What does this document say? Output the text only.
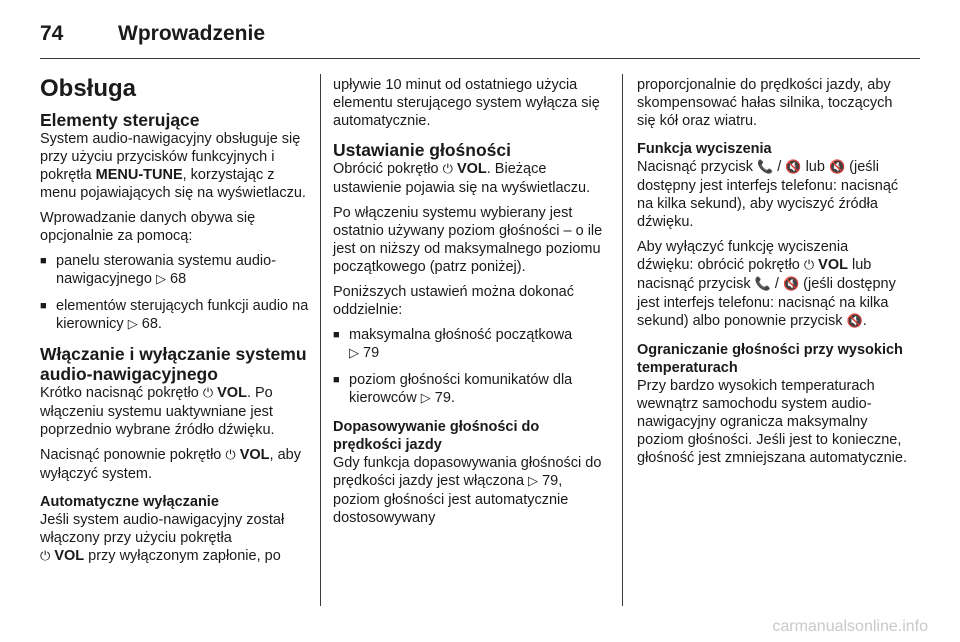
74	Wprowadzenie
Obsługa
Elementy sterujące

System audio-nawigacyjny obsługuje się przy użyciu przycisków funkcyjnych i pokrętła MENU-TUNE, korzystając z menu pojawiających się na wyświetlaczu.

Wprowadzanie danych obywa się opcjonalnie za pomocą:

■ panelu sterowania systemu audio-nawigacyjnego ▷ 68
■ elementów sterujących funkcji audio na kierownicy ▷ 68.
Włączanie i wyłączanie systemu audio-nawigacyjnego

Krótko nacisnąć pokrętło ⏻ VOL. Po włączeniu systemu uaktywniane jest poprzednio wybrane źródło dźwięku.

Nacisnąć ponownie pokrętło ⏻ VOL, aby wyłączyć system.

Automatyczne wyłączanie

Jeśli system audio-nawigacyjny został włączony przy użyciu pokrętła
⏻ VOL przy wyłączonym zapłonie, po

upływie 10 minut od ostatniego użycia elementu sterującego system wyłącza się automatycznie.

Ustawianie głośności

Obrócić pokrętło ⏻ VOL. Bieżące ustawienie pojawia się na wyświetlaczu.

Po włączeniu systemu wybierany jest ostatnio używany poziom głośności – o ile jest on niższy od maksymalnego poziomu początkowego (patrz poniżej).

Poniższych ustawień można dokonać oddzielnie:

■ maksymalna głośność początkowa
▷ 79
■ poziom głośności komunikatów dla kierowców ▷ 79.
Dopasowywanie głośności do prędkości jazdy

Gdy funkcja dopasowywania głośności do prędkości jazdy jest włączona ▷ 79, poziom głośności jest automatycznie dostosowywany

proporcjonalnie do prędkości jazdy, aby skompensować hałas silnika, toczących się kół oraz wiatru.

Funkcja wyciszenia

Nacisnąć przycisk 📞 / 🔇 lub 🔇 (jeśli dostępny jest interfejs telefonu: nacisnąć na kilka sekund), aby wyciszyć źródła dźwięku.

Aby wyłączyć funkcję wyciszenia dźwięku: obrócić pokrętło ⏻ VOL lub nacisnąć przycisk 📞 / 🔇 (jeśli dostępny jest interfejs telefonu: nacisnąć na kilka sekund) albo ponownie przycisk 🔇.

Ograniczanie głośności przy wysokich temperaturach

Przy bardzo wysokich temperaturach wewnątrz samochodu system audio-nawigacyjny ogranicza maksymalny poziom głośności. Jeśli jest to konieczne, głośność jest zmniejszana automatycznie.

carmanualsonline.info
